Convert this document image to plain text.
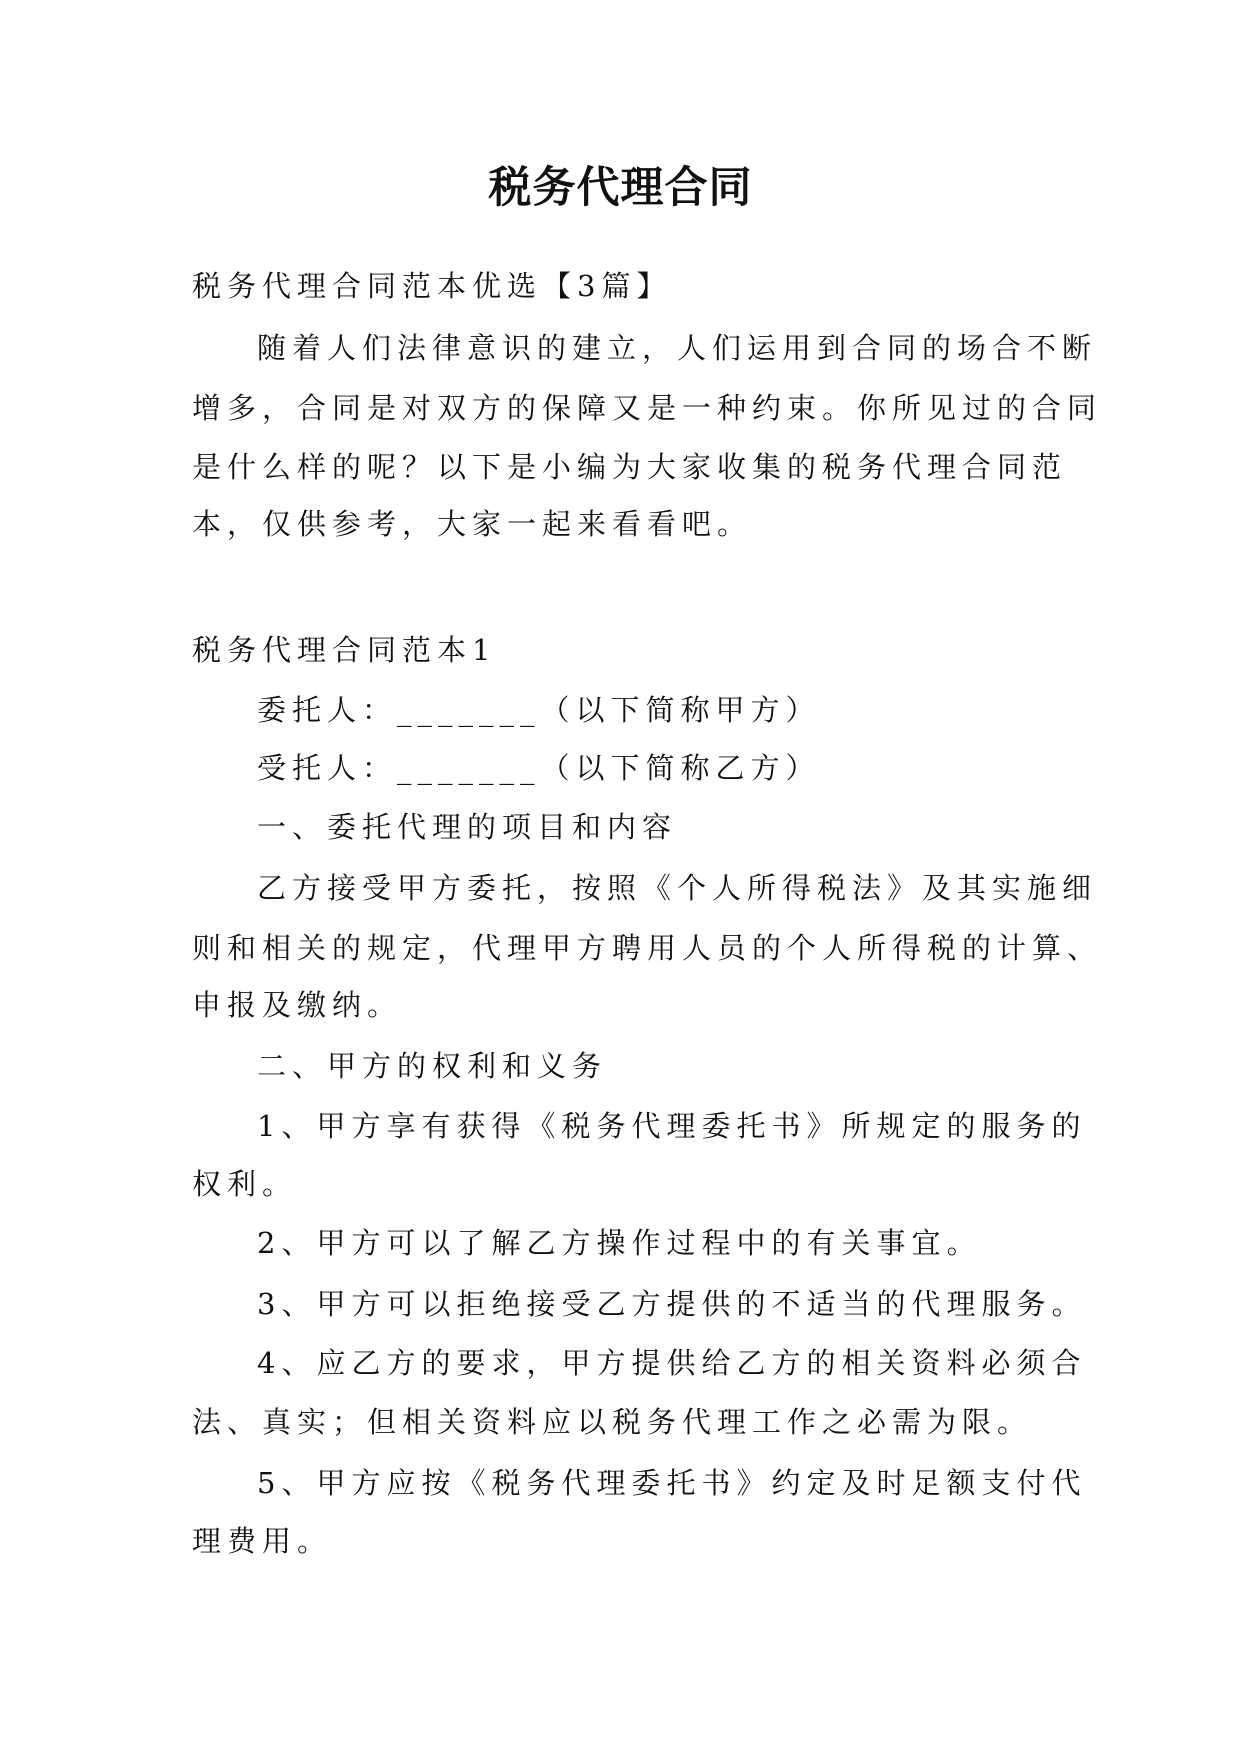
税务代理合同
税务代理合同范本优选【3篇】
随着人们法律意识的建立，人们运用到合同的场合不断
增多，合同是对双方的保障又是一种约束。你所见过的合同
是什么样的呢？以下是小编为大家收集的税务代理合同范
本，仅供参考，大家一起来看看吧。
税务代理合同范本1
委托人：_______（以下简称甲方）
受托人：_______（以下简称乙方）
一、委托代理的项目和内容
乙方接受甲方委托，按照《个人所得税法》及其实施细
则和相关的规定，代理甲方聘用人员的个人所得税的计算、
申报及缴纳。
二、甲方的权利和义务
1、甲方享有获得《税务代理委托书》所规定的服务的
权利。
2、甲方可以了解乙方操作过程中的有关事宜。
3、甲方可以拒绝接受乙方提供的不适当的代理服务。
4、应乙方的要求，甲方提供给乙方的相关资料必须合
法、真实；但相关资料应以税务代理工作之必需为限。
5、甲方应按《税务代理委托书》约定及时足额支付代
理费用。
